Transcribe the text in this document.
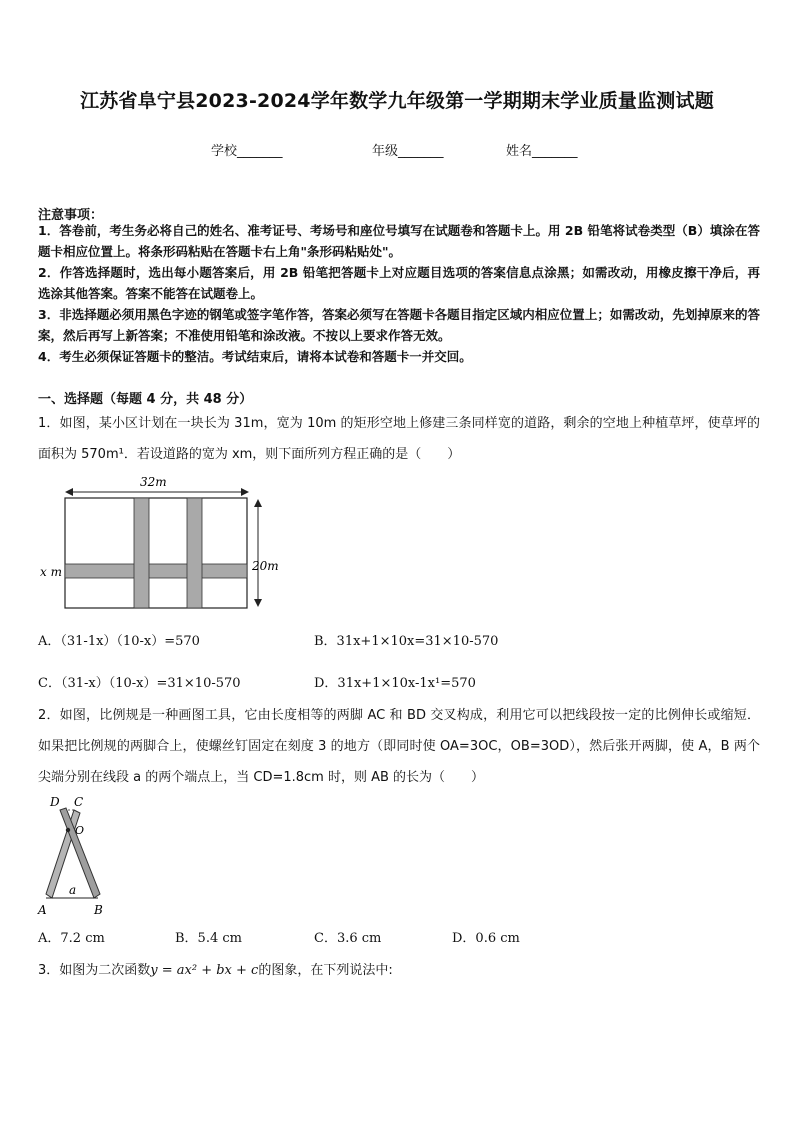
江苏省阜宁县2023-2024学年数学九年级第一学期期末学业质量监测试题
学校_______	年级_______	姓名_______
注意事项：
1．答卷前，考生务必将自己的姓名、准考证号、考场号和座位号填写在试题卷和答题卡上。用 2B 铅笔将试卷类型（B）填涂在答题卡相应位置上。将条形码粘贴在答题卡右上角"条形码粘贴处"。
2．作答选择题时，选出每小题答案后，用 2B 铅笔把答题卡上对应题目选项的答案信息点涂黑；如需改动，用橡皮擦干净后，再选涂其他答案。答案不能答在试题卷上。
3．非选择题必须用黑色字迹的钢笔或签字笔作答，答案必须写在答题卡各题目指定区域内相应位置上；如需改动，先划掉原来的答案，然后再写上新答案；不准使用铅笔和涂改液。不按以上要求作答无效。
4．考生必须保证答题卡的整洁。考试结束后，请将本试卷和答题卡一并交回。
一、选择题（每题 4 分，共 48 分）
1．如图，某小区计划在一块长为 31m，宽为 10m 的矩形空地上修建三条同样宽的道路，剩余的空地上种植草坪，使草坪的面积为 570m¹．若设道路的宽为 xm，则下面所列方程正确的是（　　）
32m
20m
x m
A．（31-1x）（10-x）=570	B．31x+1×10x=31×10-570
C．（31-x）（10-x）=31×10-570	D．31x+1×10x-1x¹=570
2．如图，比例规是一种画图工具，它由长度相等的两脚 AC 和 BD 交叉构成，利用它可以把线段按一定的比例伸长或缩短．如果把比例规的两脚合上，使螺丝钉固定在刻度 3 的地方（即同时使 OA=3OC，OB=3OD），然后张开两脚，使 A，B 两个尖端分别在线段 a 的两个端点上，当 CD=1.8cm 时，则 AB 的长为（　　）
D C
O
a
A	B
A．7.2 cm	B．5.4 cm	C．3.6 cm	D．0.6 cm
3．如图为二次函数y = ax² + bx + c的图象，在下列说法中:
